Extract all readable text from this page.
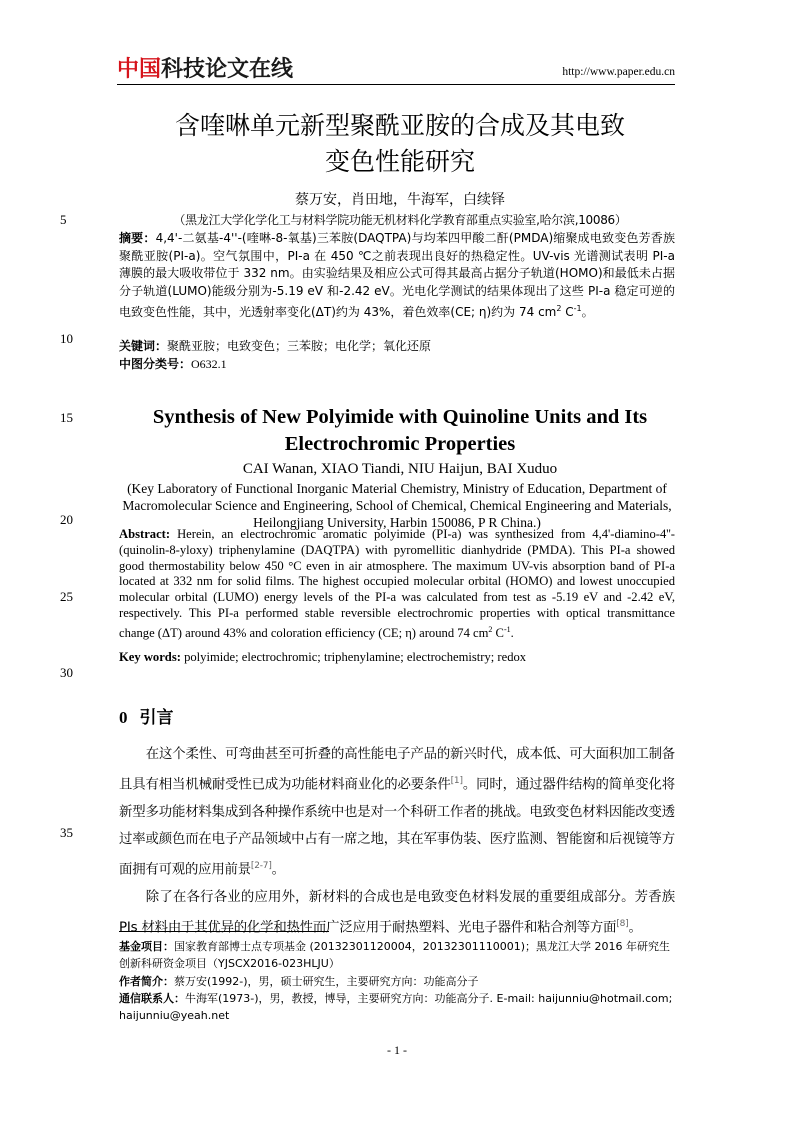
中国科技论文在线	http://www.paper.edu.cn
5
10
15
20
25
30
35
含喹啉单元新型聚酰亚胺的合成及其电致
变色性能研究
蔡万安，肖田地，牛海军，白续铎
（黑龙江大学化学化工与材料学院功能无机材料化学教育部重点实验室,哈尔滨,10086）
摘要：4,4'-二氨基-4''-(喹啉-8-氧基)三苯胺(DAQTPA)与均苯四甲酸二酐(PMDA)缩聚成电致变色芳香族聚酰亚胺(PI-a)。空气氛围中，PI-a 在 450 ℃之前表现出良好的热稳定性。UV-vis 光谱测试表明 PI-a 薄膜的最大吸收带位于 332 nm。由实验结果及相应公式可得其最高占据分子轨道(HOMO)和最低未占据分子轨道(LUMO)能级分别为-5.19 eV 和-2.42 eV。光电化学测试的结果体现出了这些 PI-a 稳定可逆的电致变色性能，其中，光透射率变化(ΔT)约为 43%，着色效率(CE; η)约为 74 $cm^2$ $C^{-1}$。
关键词：聚酰亚胺；电致变色；三苯胺；电化学；氧化还原
中图分类号：O632.1
Synthesis of New Polyimide with Quinoline Units and Its
Electrochromic Properties
CAI Wanan, XIAO Tiandi, NIU Haijun, BAI Xuduo
(Key Laboratory of Functional Inorganic Material Chemistry, Ministry of Education, Department of Macromolecular Science and Engineering, School of Chemical, Chemical Engineering and Materials, Heilongjiang University, Harbin 150086, P R China.)
Abstract: Herein, an electrochromic aromatic polyimide (PI-a) was synthesized from 4,4'-diamino-4''-(quinolin-8-yloxy) triphenylamine (DAQTPA) with pyromellitic dianhydride (PMDA). This PI-a showed good thermostability below 450 °C even in air atmosphere. The maximum UV-vis absorption band of PI-a located at 332 nm for solid films. The highest occupied molecular orbital (HOMO) and lowest unoccupied molecular orbital (LUMO) energy levels of the PI-a was calculated from test as -5.19 eV and -2.42 eV, respectively. This PI-a performed stable reversible electrochromic properties with optical transmittance change (ΔT) around 43% and coloration efficiency (CE; η) around 74 $cm^2$ $C^{-1}$.
Key words: polyimide; electrochromic; triphenylamine; electrochemistry; redox
0 引言

在这个柔性、可弯曲甚至可折叠的高性能电子产品的新兴时代，成本低、可大面积加工制备且具有相当机械耐受性已成为功能材料商业化的必要条件[1]。同时，通过器件结构的简单变化将新型多功能材料集成到各种操作系统中也是对一个科研工作者的挑战。电致变色材料因能改变透过率或颜色而在电子产品领域中占有一席之地，其在军事伪装、医疗监测、智能窗和后视镜等方面拥有可观的应用前景[2-7]。

除了在各行各业的应用外，新材料的合成也是电致变色材料发展的重要组成部分。芳香族 PIs 材料由于其优异的化学和热性而广泛应用于耐热塑料、光电子器件和粘合剂等方面[8]。

基金项目：国家教育部博士点专项基金 (20132301120004，20132301110001)；黑龙江大学 2016 年研究生创新科研资金项目（YJSCX2016-023HLJU）

作者简介：蔡万安(1992-)，男，硕士研究生，主要研究方向：功能高分子

通信联系人：牛海军(1973-)，男，教授，博导，主要研究方向：功能高分子. E-mail: haijunniu@hotmail.com; haijunniu@yeah.net

- 1 -
